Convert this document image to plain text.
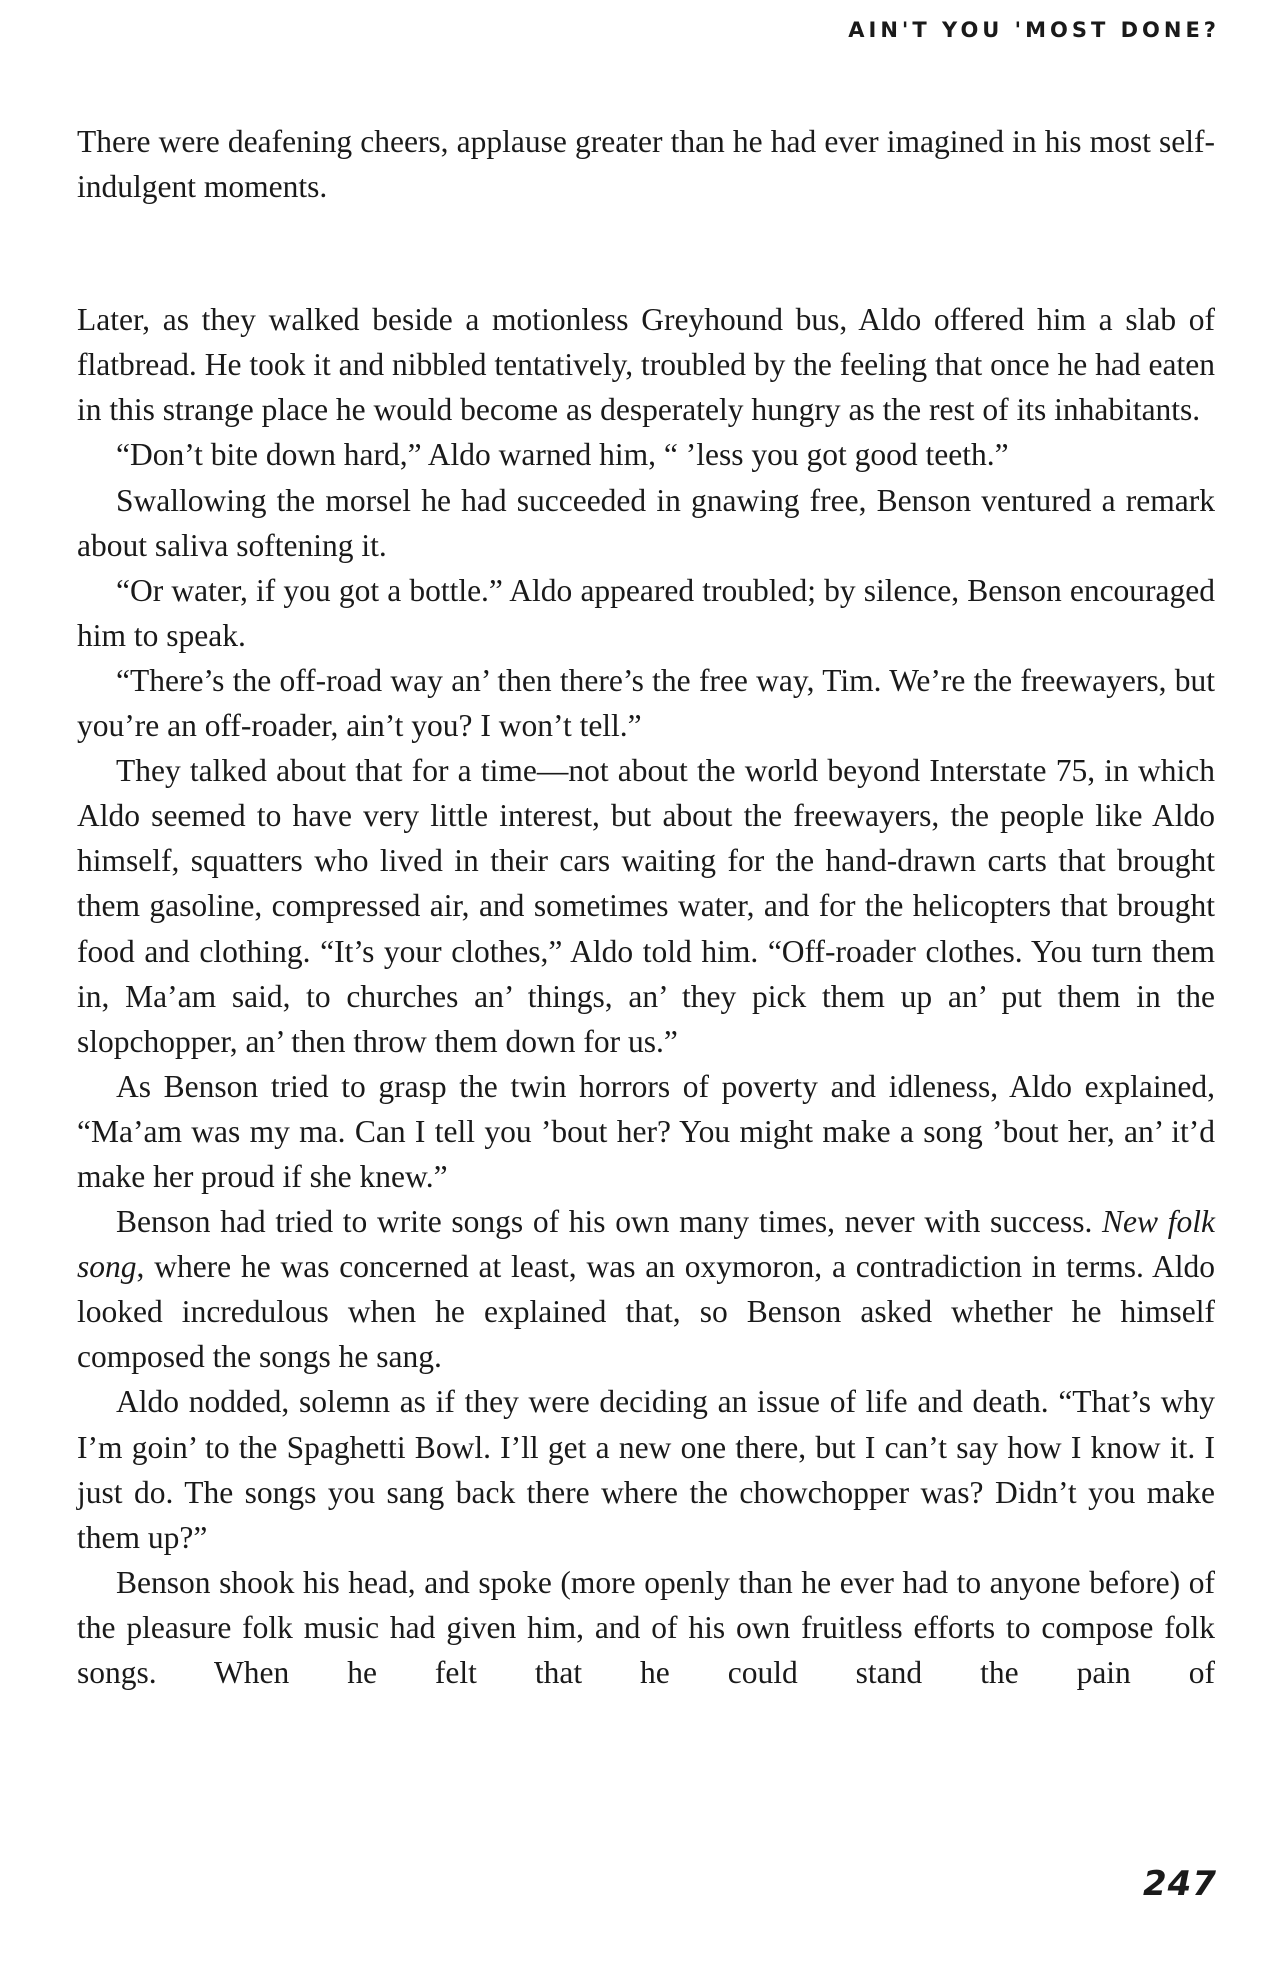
AIN'T YOU 'MOST DONE?

There were deafening cheers, applause greater than he had ever imagined in his most self-indulgent moments.

Later, as they walked beside a motionless Greyhound bus, Aldo offered him a slab of flatbread. He took it and nibbled tentatively, troubled by the feeling that once he had eaten in this strange place he would become as desperately hungry as the rest of its inhabitants.

“Don’t bite down hard,” Aldo warned him, “ ’less you got good teeth.”

Swallowing the morsel he had succeeded in gnawing free, Benson ventured a remark about saliva softening it.

“Or water, if you got a bottle.” Aldo appeared troubled; by silence, Benson encouraged him to speak.

“There’s the off-road way an’ then there’s the free way, Tim. We’re the freewayers, but you’re an off-roader, ain’t you? I won’t tell.”

They talked about that for a time—not about the world beyond Interstate 75, in which Aldo seemed to have very little interest, but about the freewayers, the people like Aldo himself, squatters who lived in their cars waiting for the hand-drawn carts that brought them gasoline, compressed air, and sometimes water, and for the helicopters that brought food and clothing. “It’s your clothes,” Aldo told him. “Off-roader clothes. You turn them in, Ma’am said, to churches an’ things, an’ they pick them up an’ put them in the slopchopper, an’ then throw them down for us.”

As Benson tried to grasp the twin horrors of poverty and idleness, Aldo explained, “Ma’am was my ma. Can I tell you ’bout her? You might make a song ’bout her, an’ it’d make her proud if she knew.”

Benson had tried to write songs of his own many times, never with success. New folk song, where he was concerned at least, was an oxymoron, a contradiction in terms. Aldo looked incredulous when he explained that, so Benson asked whether he himself composed the songs he sang.

Aldo nodded, solemn as if they were deciding an issue of life and death. “That’s why I’m goin’ to the Spaghetti Bowl. I’ll get a new one there, but I can’t say how I know it. I just do. The songs you sang back there where the chowchopper was? Didn’t you make them up?”

Benson shook his head, and spoke (more openly than he ever had to anyone before) of the pleasure folk music had given him, and of his own fruitless efforts to compose folk songs. When he felt that he could stand the pain of

247
